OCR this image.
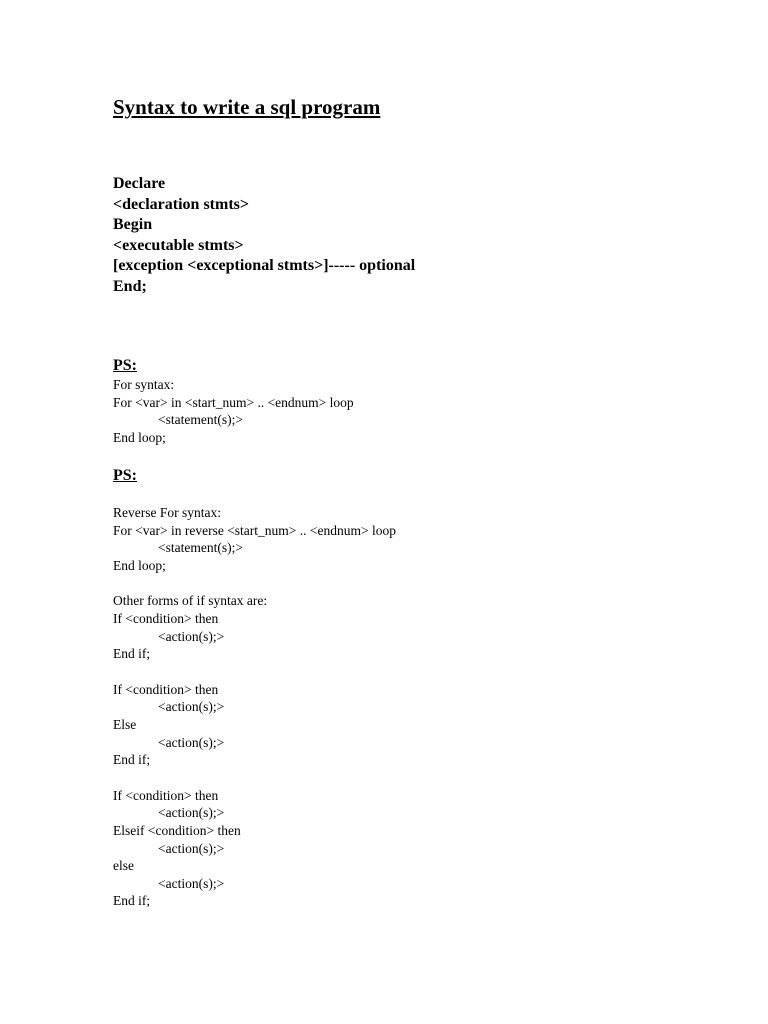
Syntax to write a sql program
Declare
<declaration stmts>
Begin
<executable stmts>
[exception <exceptional stmts>]----- optional
End;
PS:
For syntax:
For <var> in <start_num> .. <endnum> loop
<statement(s);>
End loop;
PS:
Reverse For syntax:
For <var> in reverse <start_num> .. <endnum> loop
<statement(s);>
End loop;
Other forms of if syntax are:
If <condition> then
<action(s);>
End if;
If <condition> then
<action(s);>
Else
<action(s);>
End if;
If <condition> then
<action(s);>
Elseif <condition> then
<action(s);>
else
<action(s);>
End if;
